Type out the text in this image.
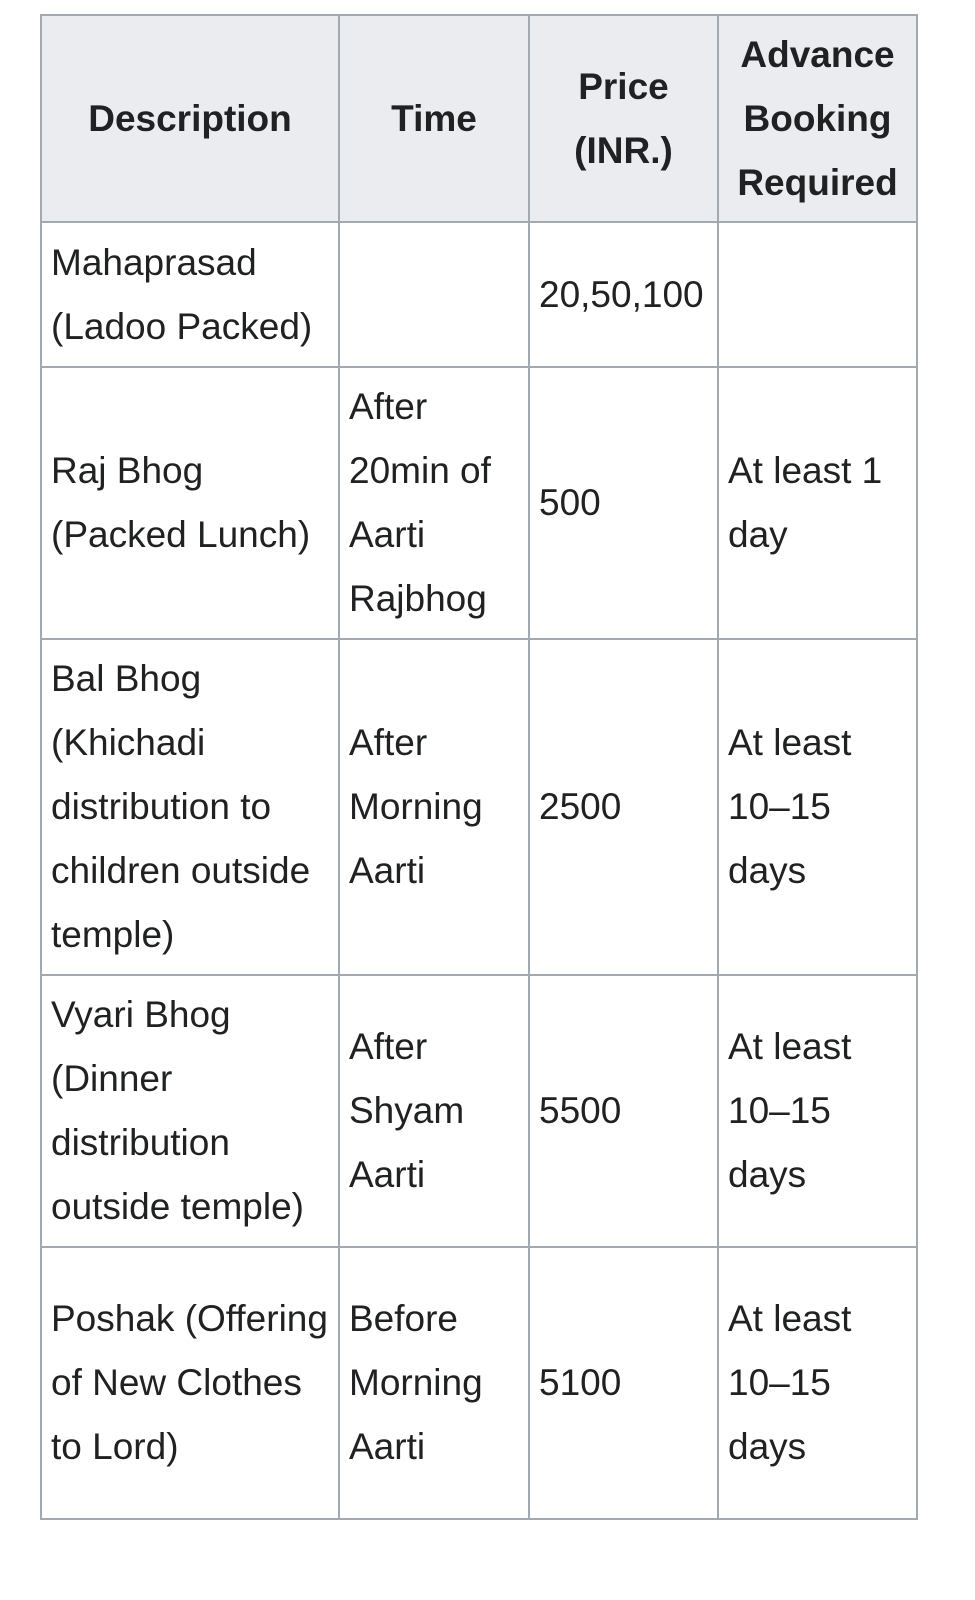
Description	Time	Price (INR.)	Advance Booking Required
Mahaprasad (Ladoo Packed)		20,50,100	
Raj Bhog (Packed Lunch)	After 20min of Aarti Rajbhog	500	At least 1 day
Bal Bhog (Khichadi distribution to children outside temple)	After Morning Aarti	2500	At least 10–15 days
Vyari Bhog (Dinner distribution outside temple)	After Shyam Aarti	5500	At least 10–15 days
Poshak (Offering of New Clothes to Lord)	Before Morning Aarti	5100	At least 10–15 days
